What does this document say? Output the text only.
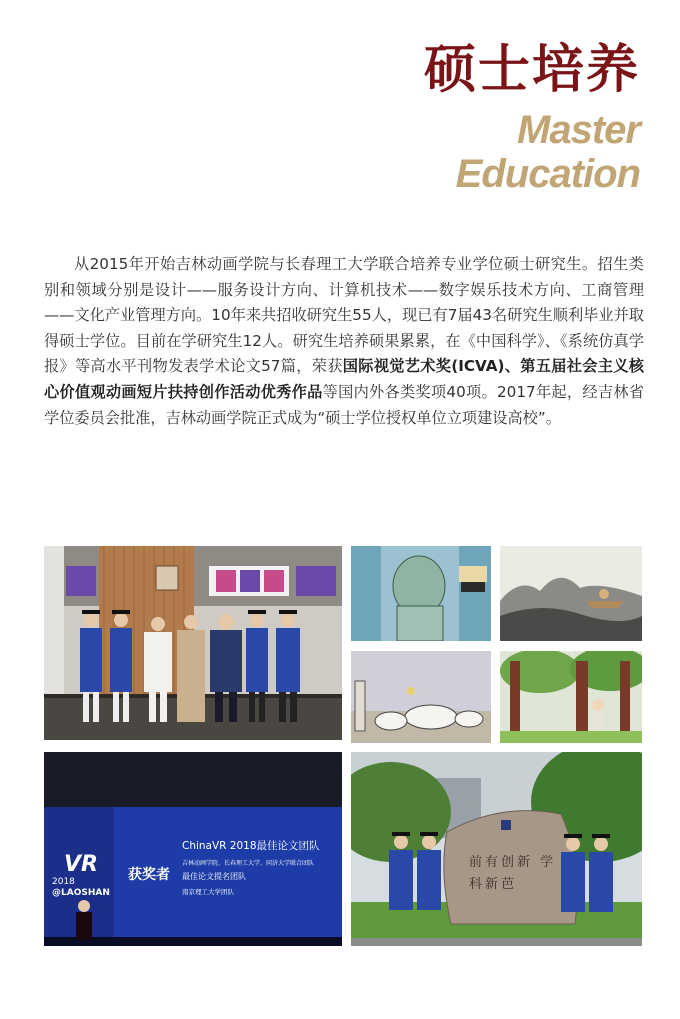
硕士培养
Master
Education
从2015年开始吉林动画学院与长春理工大学联合培养专业学位硕士研究生。招生类别和领域分别是设计——服务设计方向、计算机技术——数字娱乐技术方向、工商管理——文化产业管理方向。10年来共招收研究生55人，现已有7届43名研究生顺利毕业并取得硕士学位。目前在学研究生12人。研究生培养硕果累累，在《中国科学》、《系统仿真学报》等高水平刊物发表学术论文57篇，荣获国际视觉艺术奖(ICVA)、第五届社会主义核心价值观动画短片扶持创作活动优秀作品等国内外各类奖项40项。2017年起，经吉林省学位委员会批准，吉林动画学院正式成为“硕士学位授权单位立项建设高校”。
VR
2018
@LAOSHAN
获奖者
ChinaVR 2018最佳论文团队
吉林动画学院、长春理工大学、同济大学联合团队
最佳论文提名团队
南京理工大学团队
前有创新 学科新芭
